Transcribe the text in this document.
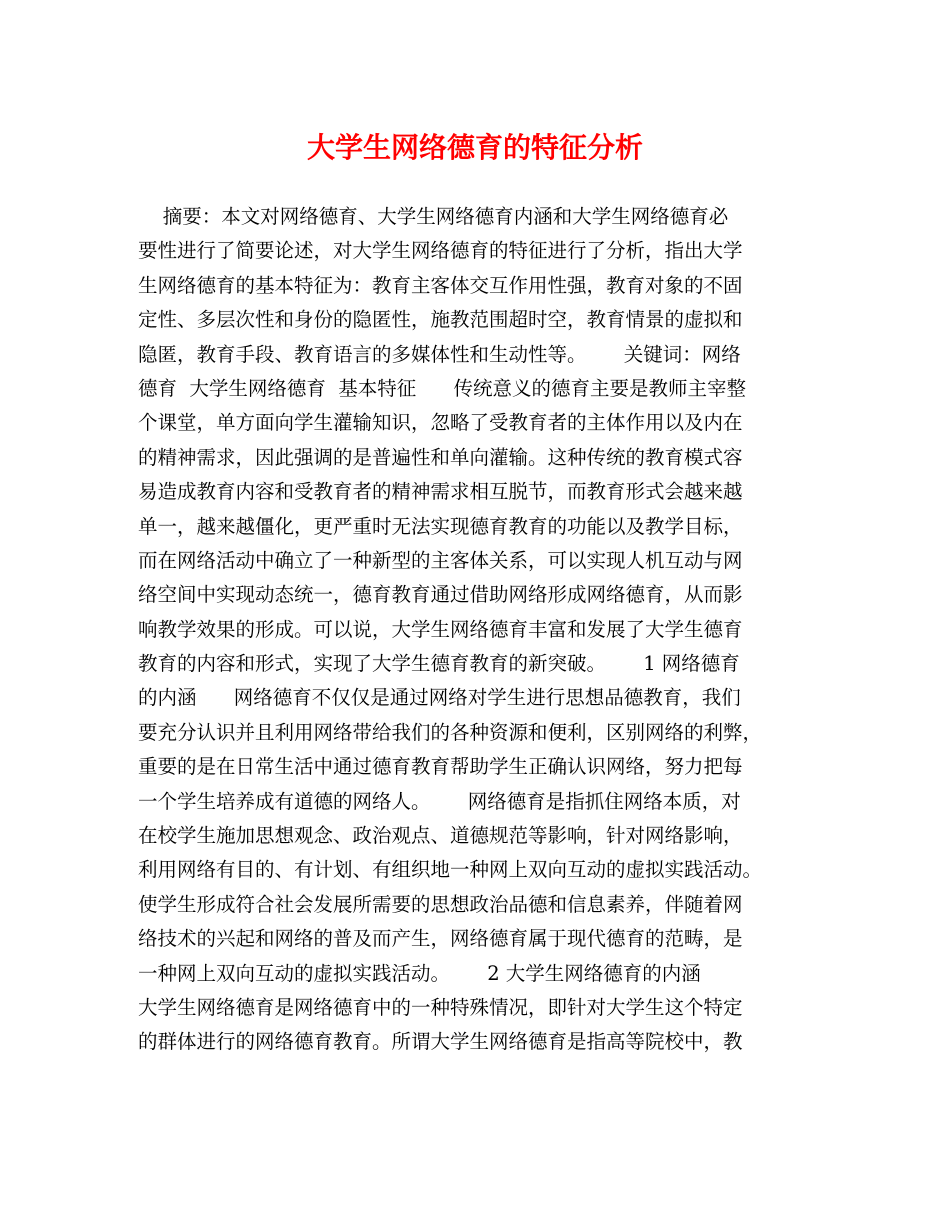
大学生网络德育的特征分析
摘要：本文对网络德育、大学生网络德育内涵和大学生网络德育必
要性进行了简要论述，对大学生网络德育的特征进行了分析，指出大学
生网络德育的基本特征为：教育主客体交互作用性强，教育对象的不固
定性、多层次性和身份的隐匿性，施教范围超时空，教育情景的虚拟和
隐匿，教育手段、教育语言的多媒体性和生动性等。      关键词：网络
德育  大学生网络德育  基本特征      传统意义的德育主要是教师主宰整
个课堂，单方面向学生灌输知识，忽略了受教育者的主体作用以及内在
的精神需求，因此强调的是普遍性和单向灌输。这种传统的教育模式容
易造成教育内容和受教育者的精神需求相互脱节，而教育形式会越来越
单一，越来越僵化，更严重时无法实现德育教育的功能以及教学目标，
而在网络活动中确立了一种新型的主客体关系，可以实现人机互动与网
络空间中实现动态统一，德育教育通过借助网络形成网络德育，从而影
响教学效果的形成。可以说，大学生网络德育丰富和发展了大学生德育
教育的内容和形式，实现了大学生德育教育的新突破。      1 网络德育
的内涵      网络德育不仅仅是通过网络对学生进行思想品德教育，我们
要充分认识并且利用网络带给我们的各种资源和便利，区别网络的利弊，
重要的是在日常生活中通过德育教育帮助学生正确认识网络，努力把每
一个学生培养成有道德的网络人。      网络德育是指抓住网络本质，对
在校学生施加思想观念、政治观点、道德规范等影响，针对网络影响，
利用网络有目的、有计划、有组织地一种网上双向互动的虚拟实践活动。
使学生形成符合社会发展所需要的思想政治品德和信息素养，伴随着网
络技术的兴起和网络的普及而产生，网络德育属于现代德育的范畴，是
一种网上双向互动的虚拟实践活动。      2 大学生网络德育的内涵
大学生网络德育是网络德育中的一种特殊情况，即针对大学生这个特定
的群体进行的网络德育教育。所谓大学生网络德育是指高等院校中，教
